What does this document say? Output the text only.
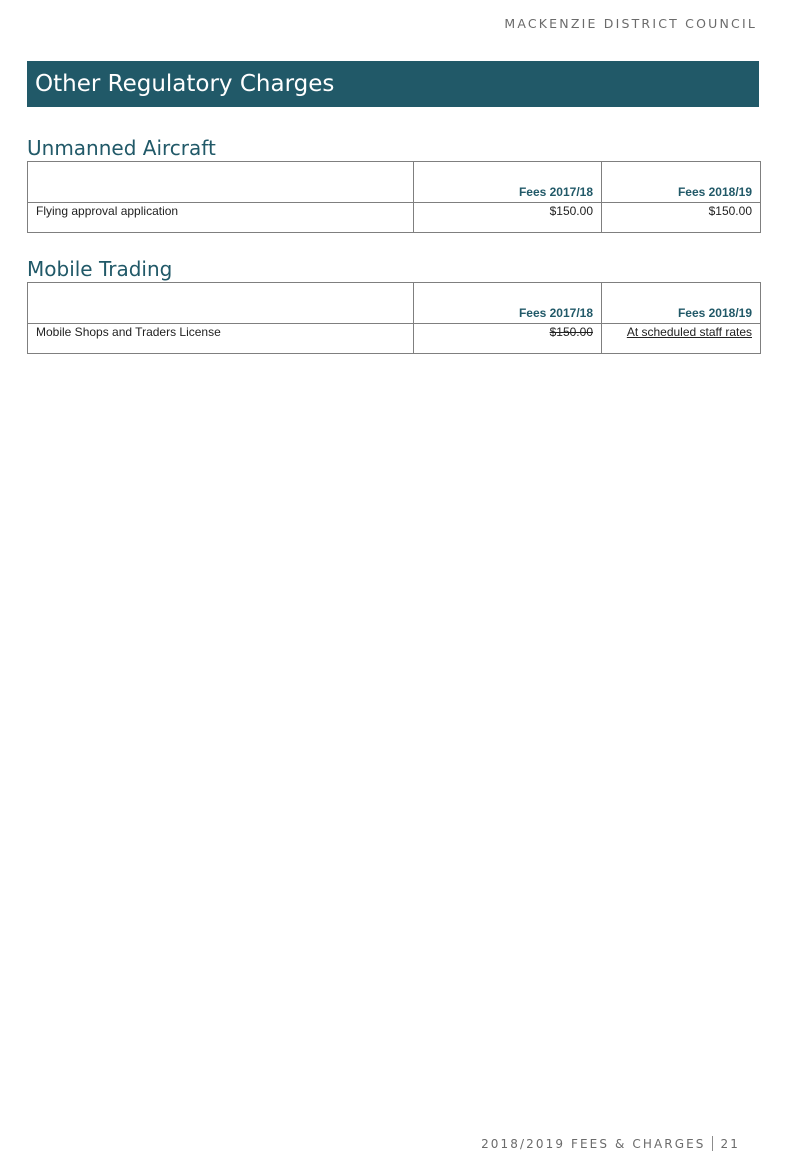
MACKENZIE DISTRICT COUNCIL
Other Regulatory Charges
Unmanned Aircraft
	Fees 2017/18	Fees 2018/19
Flying approval application	$150.00	$150.00
Mobile Trading
	Fees 2017/18	Fees 2018/19
Mobile Shops and Traders License	$150.00	At scheduled staff rates
2018/2019 FEES & CHARGES 21
